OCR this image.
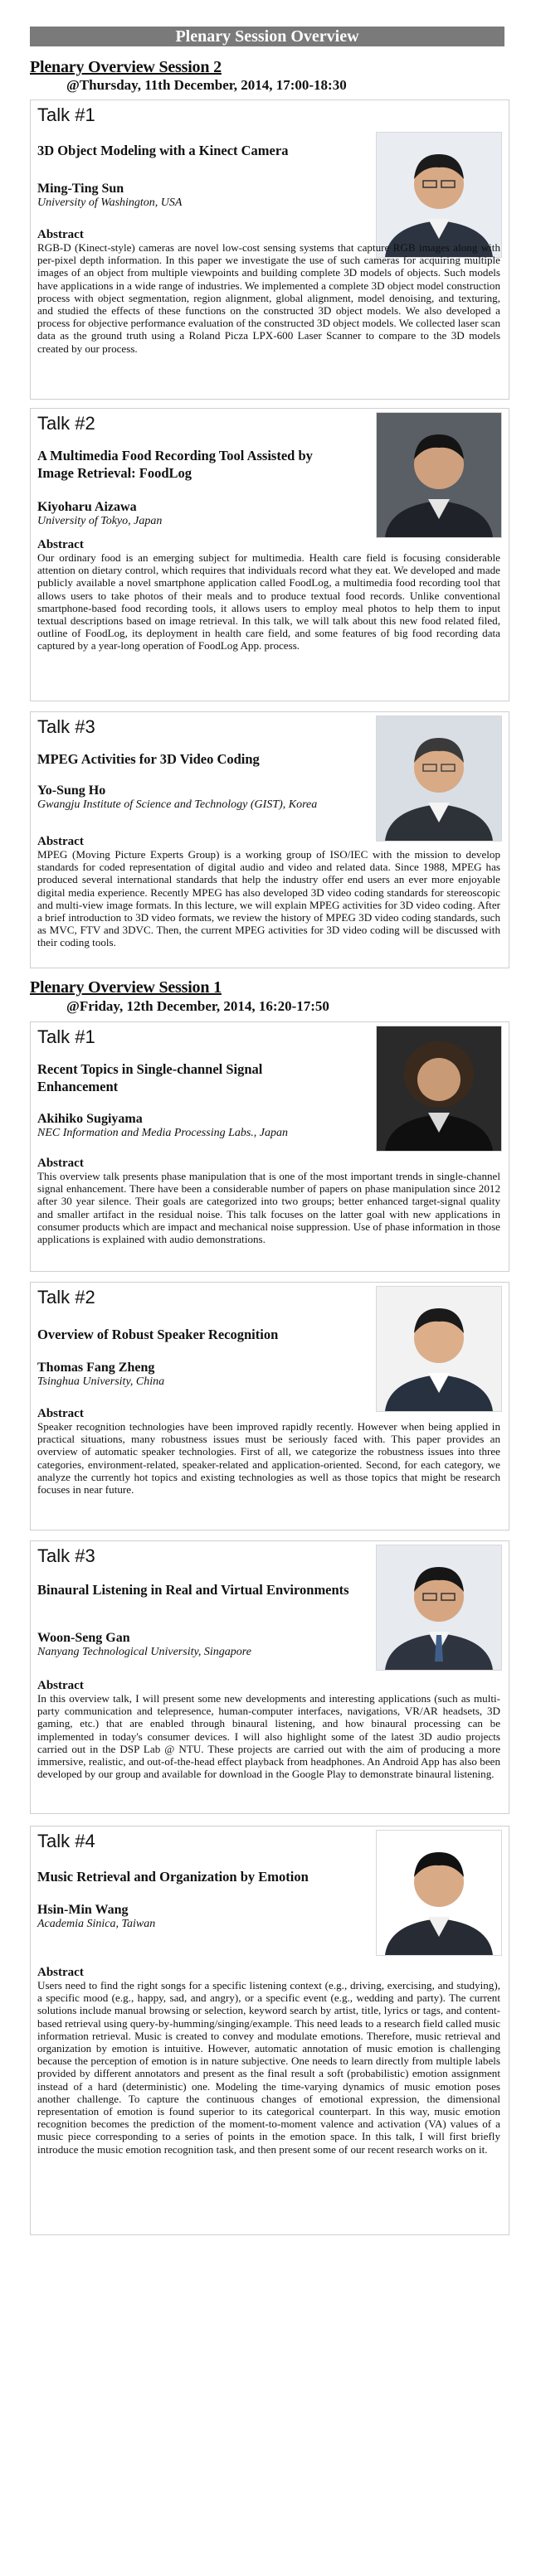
Plenary Session Overview
Plenary Overview Session 2
@Thursday, 11th December, 2014, 17:00-18:30
Talk #1
3D Object Modeling with a Kinect Camera
Ming-Ting Sun
University of Washington, USA
Abstract

RGB-D (Kinect-style) cameras are novel low-cost sensing systems that capture RGB images along with per-pixel depth information. In this paper we investigate the use of such cameras for acquiring multiple images of an object from multiple viewpoints and building complete 3D models of objects. Such models have applications in a wide range of industries. We implemented a complete 3D object model construction process with object segmentation, region alignment, global alignment, model denoising, and texturing, and studied the effects of these functions on the constructed 3D object models. We also developed a process for objective performance evaluation of the constructed 3D object models. We collected laser scan data as the ground truth using a Roland Picza LPX-600 Laser Scanner to compare to the 3D models created by our process.

Talk #2
A Multimedia Food Recording Tool Assisted by Image Retrieval: FoodLog
Kiyoharu Aizawa
University of Tokyo, Japan
Abstract

Our ordinary food is an emerging subject for multimedia. Health care field is focusing considerable attention on dietary control, which requires that individuals record what they eat. We developed and made publicly available a novel smartphone application called FoodLog, a multimedia food recording tool that allows users to take photos of their meals and to produce textual food records. Unlike conventional smartphone-based food recording tools, it allows users to employ meal photos to help them to input textual descriptions based on image retrieval. In this talk, we will talk about this new food related filed, outline of FoodLog, its deployment in health care field, and some features of big food recording data captured by a year-long operation of FoodLog App. process.

Talk #3
MPEG Activities for 3D Video Coding
Yo-Sung Ho
Gwangju Institute of Science and Technology (GIST), Korea
Abstract

MPEG (Moving Picture Experts Group) is a working group of ISO/IEC with the mission to develop standards for coded representation of digital audio and video and related data. Since 1988, MPEG has produced several international standards that help the industry offer end users an ever more enjoyable digital media experience. Recently MPEG has also developed 3D video coding standards for stereoscopic and multi-view image formats. In this lecture, we will explain MPEG activities for 3D video coding. After a brief introduction to 3D video formats, we review the history of MPEG 3D video coding standards, such as MVC, FTV and 3DVC. Then, the current MPEG activities for 3D video coding will be discussed with their coding tools.

Plenary Overview Session 1
@Friday, 12th December, 2014, 16:20-17:50
Talk #1
Recent Topics in Single-channel Signal Enhancement
Akihiko Sugiyama
NEC Information and Media Processing Labs., Japan
Abstract

This overview talk presents phase manipulation that is one of the most important trends in single-channel signal enhancement. There have been a considerable number of papers on phase manipulation since 2012 after 30 year silence. Their goals are categorized into two groups; better enhanced target-signal quality and smaller artifact in the residual noise. This talk focuses on the latter goal with new applications in consumer products which are impact and mechanical noise suppression. Use of phase information in those applications is explained with audio demonstrations.

Talk #2
Overview of Robust Speaker Recognition
Thomas Fang Zheng
Tsinghua University, China
Abstract

Speaker recognition technologies have been improved rapidly recently. However when being applied in practical situations, many robustness issues must be seriously faced with. This paper provides an overview of automatic speaker technologies. First of all, we categorize the robustness issues into three categories, environment-related, speaker-related and application-oriented. Second, for each category, we analyze the currently hot topics and existing technologies as well as those topics that might be research focuses in near future.

Talk #3
Binaural Listening in Real and Virtual Environments
Woon-Seng Gan
Nanyang Technological University, Singapore
Abstract

In this overview talk, I will present some new developments and interesting applications (such as multi-party communication and telepresence, human-computer interfaces, navigations, VR/AR headsets, 3D gaming, etc.) that are enabled through binaural listening, and how binaural processing can be implemented in today's consumer devices. I will also highlight some of the latest 3D audio projects carried out in the DSP Lab @ NTU. These projects are carried out with the aim of producing a more immersive, realistic, and out-of-the-head effect playback from headphones. An Android App has also been developed by our group and available for download in the Google Play to demonstrate binaural listening.

Talk #4
Music Retrieval and Organization by Emotion
Hsin-Min Wang
Academia Sinica, Taiwan
Abstract

Users need to find the right songs for a specific listening context (e.g., driving, exercising, and studying), a specific mood (e.g., happy, sad, and angry), or a specific event (e.g., wedding and party). The current solutions include manual browsing or selection, keyword search by artist, title, lyrics or tags, and content-based retrieval using query-by-humming/singing/example. This need leads to a research field called music information retrieval. Music is created to convey and modulate emotions. Therefore, music retrieval and organization by emotion is intuitive. However, automatic annotation of music emotion is challenging because the perception of emotion is in nature subjective. One needs to learn directly from multiple labels provided by different annotators and present as the final result a soft (probabilistic) emotion assignment instead of a hard (deterministic) one. Modeling the time-varying dynamics of music emotion poses another challenge. To capture the continuous changes of emotional expression, the dimensional representation of emotion is found superior to its categorical counterpart. In this way, music emotion recognition becomes the prediction of the moment-to-moment valence and activation (VA) values of a music piece corresponding to a series of points in the emotion space. In this talk, I will first briefly introduce the music emotion recognition task, and then present some of our recent research works on it.
